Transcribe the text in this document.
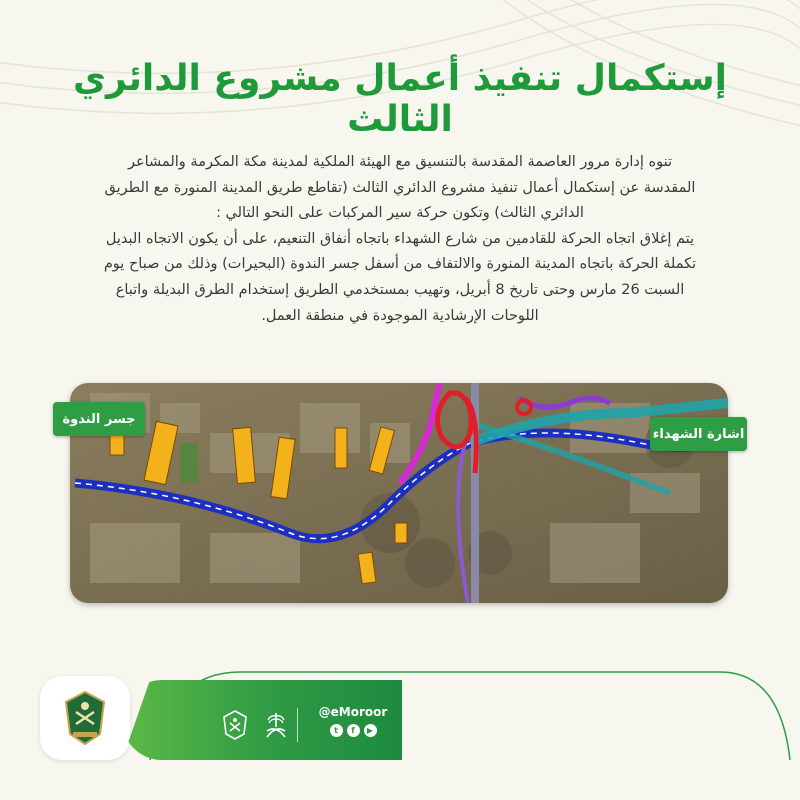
إستكمال تنفيذ أعمال مشروع الدائري الثالث

تنوه إدارة مرور العاصمة المقدسة بالتنسيق مع الهيئة الملكية لمدينة مكة المكرمة والمشاعر

المقدسة عن إستكمال أعمال تنفيذ مشروع الدائري الثالث (تقاطع طريق المدينة المنورة مع الطريق

الدائري الثالث) وتكون حركة سير المركبات على النحو التالي :

يتم إغلاق اتجاه الحركة للقادمين من شارع الشهداء باتجاه أنفاق التنعيم، على أن يكون الاتجاه البديل

تكملة الحركة باتجاه المدينة المنورة والالتفاف من أسفل جسر الندوة (البحيرات) وذلك من صباح يوم

السبت 26 مارس وحتى تاريخ 8 أبريل، وتهيب بمستخدمي الطريق إستخدام الطرق البديلة واتباع

اللوحات الإرشادية الموجودة في منطقة العمل.

جسر الندوة
اشارة الشهداء
@eMoroor
t	f	▶
